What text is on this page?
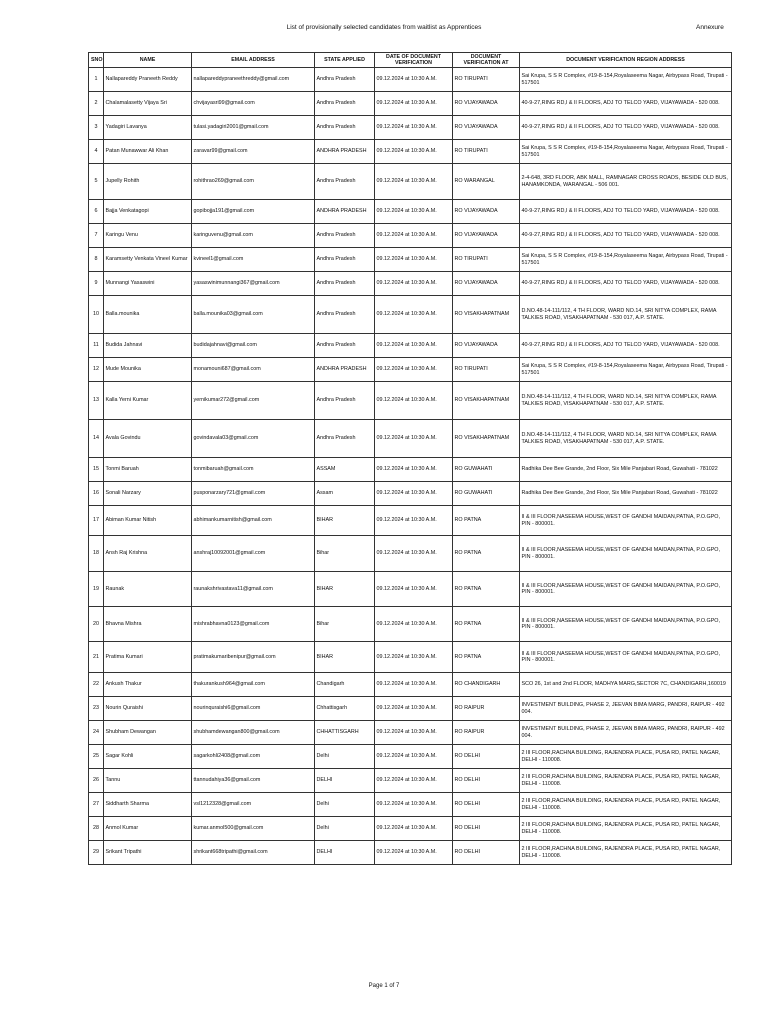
List of provisionally selected candidates from waitlist as Apprentices	Annexure
SNO	NAME	EMAIL ADDRESS	STATE APPLIED	DATE OF DOCUMENT VERIFICATION	DOCUMENT VERIFICATION AT	DOCUMENT VERIFICATION REGION ADDRESS
1	Nallapareddy Praneeth Reddy	nallapareddypraneethreddy@gmail.com	Andhra Pradesh	09.12.2024 at 10:30 A.M.	RO TIRUPATI	Sai Krupa, S S R Complex, #19-8-154,Royalaseema Nagar, Airbypass Road, Tirupati - 517501
2	Chalamalasetty Vijaya Sri	chvijayasri99@gmail.com	Andhra Pradesh	09.12.2024 at 10:30 A.M.	RO VIJAYAWADA	40-9-27,RING RD,I & II FLOORS, ADJ TO TELCO YARD, VIJAYAWADA - 520 008.
3	Yadagiri Lavanya	tulasi.yadagiri2001@gmail.com	Andhra Pradesh	09.12.2024 at 10:30 A.M.	RO VIJAYAWADA	40-9-27,RING RD,I & II FLOORS, ADJ TO TELCO YARD, VIJAYAWADA - 520 008.
4	Patan Munawwar Ali Khan	zaravar99@gmail.com	ANDHRA PRADESH	09.12.2024 at 10:30 A.M.	RO TIRUPATI	Sai Krupa, S S R Complex, #19-8-154,Royalaseema Nagar, Airbypass Road, Tirupati - 517501
5	Jupelly Rohith	rohithrao269@gmail.com	Andhra Pradesh	09.12.2024 at 10:30 A.M.	RO WARANGAL	2-4-648, 3RD FLOOR, ABK MALL, RAMNAGAR CROSS ROADS, BESIDE OLD BUS, HANAMKONDA, WARANGAL - 506 001.
6	Bajja Venkatagopi	gopibojja191@gmail.com	ANDHRA PRADESH	09.12.2024 at 10:30 A.M.	RO VIJAYAWADA	40-9-27,RING RD,I & II FLOORS, ADJ TO TELCO YARD, VIJAYAWADA - 520 008.
7	Karingu Venu	karinguvenu@gmail.com	Andhra Pradesh	09.12.2024 at 10:30 A.M.	RO VIJAYAWADA	40-9-27,RING RD,I & II FLOORS, ADJ TO TELCO YARD, VIJAYAWADA - 520 008.
8	Karamsetty Venkata Vineel Kumar	kvineel1@gmail.com	Andhra Pradesh	09.12.2024 at 10:30 A.M.	RO TIRUPATI	Sai Krupa, S S R Complex, #19-8-154,Royalaseema Nagar, Airbypass Road, Tirupati - 517501
9	Munnangi Yasaswini	yasaswinimunnangi367@gmail.com	Andhra Pradesh	09.12.2024 at 10:30 A.M.	RO VIJAYAWADA	40-9-27,RING RD,I & II FLOORS, ADJ TO TELCO YARD, VIJAYAWADA - 520 008.
10	Balla.mounika	balla.mounika03@gmail.com	Andhra Pradesh	09.12.2024 at 10:30 A.M.	RO VISAKHAPATNAM	D.NO.48-14-111/112, 4 TH FLOOR, WARD NO.14, SRI NITYA COMPLEX, RAMA TALKIES ROAD, VISAKHAPATNAM - 530 017, A.P. STATE.
11	Budida Jahnavi	budidajahnavi@gmail.com	Andhra Pradesh	09.12.2024 at 10:30 A.M.	RO VIJAYAWADA	40-9-27,RING RD,I & II FLOORS, ADJ TO TELCO YARD, VIJAYAWADA - 520 008.
12	Mude Mounika	monamouni687@gmail.com	ANDHRA PRADESH	09.12.2024 at 10:30 A.M.	RO TIRUPATI	Sai Krupa, S S R Complex, #19-8-154,Royalaseema Nagar, Airbypass Road, Tirupati - 517501
13	Kalla Yerni Kumar	yernikumar272@gmail.com	Andhra Pradesh	09.12.2024 at 10:30 A.M.	RO VISAKHAPATNAM	D.NO.48-14-111/112, 4 TH FLOOR, WARD NO.14, SRI NITYA COMPLEX, RAMA TALKIES ROAD, VISAKHAPATNAM - 530 017, A.P. STATE.
14	Avala Govindu	govindavala03@gmail.com	Andhra Pradesh	09.12.2024 at 10:30 A.M.	RO VISAKHAPATNAM	D.NO.48-14-111/112, 4 TH FLOOR, WARD NO.14, SRI NITYA COMPLEX, RAMA TALKIES ROAD, VISAKHAPATNAM - 530 017, A.P. STATE.
15	Tonmi Baruah	tonmibaruah@gmail.com	ASSAM	09.12.2024 at 10:30 A.M.	RO GUWAHATI	Radhika Dee Bee Grande, 2nd Floor, Six Mile Panjabari Road, Guwahati - 781022
16	Sonali Narzary	pusponarzary721@gmail.com	Assam	09.12.2024 at 10:30 A.M.	RO GUWAHATI	Radhika Dee Bee Grande, 2nd Floor, Six Mile Panjabari Road, Guwahati - 781022
17	Abiman Kumar Nitish	abhimankumarnitish@gmail.com	BIHAR	09.12.2024 at 10:30 A.M.	RO PATNA	II & III FLOOR,NASEEMA HOUSE,WEST OF GANDHI MAIDAN,PATNA, P.O.GPO, PIN - 800001.
18	Ansh Raj Krishna	anshraj10092001@gmail.com	Bihar	09.12.2024 at 10:30 A.M.	RO PATNA	II & III FLOOR,NASEEMA HOUSE,WEST OF GANDHI MAIDAN,PATNA, P.O.GPO, PIN - 800001.
19	Raunak	raunakshrivastava11@gmail.com	BIHAR	09.12.2024 at 10:30 A.M.	RO PATNA	II & III FLOOR,NASEEMA HOUSE,WEST OF GANDHI MAIDAN,PATNA, P.O.GPO, PIN - 800001.
20	Bhavna Mishra	mishrabhavna0123@gmail.com	Bihar	09.12.2024 at 10:30 A.M.	RO PATNA	II & III FLOOR,NASEEMA HOUSE,WEST OF GANDHI MAIDAN,PATNA, P.O.GPO, PIN - 800001.
21	Pratima Kumari	pratimakumaribenipur@gmail.com	BIHAR	09.12.2024 at 10:30 A.M.	RO PATNA	II & III FLOOR,NASEEMA HOUSE,WEST OF GANDHI MAIDAN,PATNA, P.O.GPO, PIN - 800001.
22	Ankush Thakur	thakurankush964@gmail.com	Chandigarh	09.12.2024 at 10:30 A.M.	RO CHANDIGARH	SCO 26, 1st and 2nd FLOOR, MADHYA MARG,SECTOR 7C, CHANDIGARH,160019
23	Nourin Quraishi	nourinquraishi6@gmail.com	Chhattisgarh	09.12.2024 at 10:30 A.M.	RO RAIPUR	INVESTMENT BUILDING, PHASE 2, JEEVAN BIMA MARG, PANDRI, RAIPUR - 492 004.
24	Shubham Dewangan	shubhamdewangan800@gmail.com	CHHATTISGARH	09.12.2024 at 10:30 A.M.	RO RAIPUR	INVESTMENT BUILDING, PHASE 2, JEEVAN BIMA MARG, PANDRI, RAIPUR - 492 004.
25	Sagar Kohli	sagarkohli2408@gmail.com	Delhi	09.12.2024 at 10:30 A.M.	RO DELHI	2 III FLOOR,RACHNA BUILDING, RAJENDRA PLACE, PUSA RD, PATEL NAGAR, DELHI - 110008.
26	Tannu	ttannudahiya36@gmail.com	DELHI	09.12.2024 at 10:30 A.M.	RO DELHI	2 III FLOOR,RACHNA BUILDING, RAJENDRA PLACE, PUSA RD, PATEL NAGAR, DELHI - 110008.
27	Siddharth Sharma	vsl1212328@gmail.com	Delhi	09.12.2024 at 10:30 A.M.	RO DELHI	2 III FLOOR,RACHNA BUILDING, RAJENDRA PLACE, PUSA RD, PATEL NAGAR, DELHI - 110008.
28	Anmol Kumar	kumar.anmol500@gmail.com	Delhi	09.12.2024 at 10:30 A.M.	RO DELHI	2 III FLOOR,RACHNA BUILDING, RAJENDRA PLACE, PUSA RD, PATEL NAGAR, DELHI - 110008.
29	Srikant Tripathi	shrikant668tripathi@gmail.com	DELHI	09.12.2024 at 10:30 A.M.	RO DELHI	2 III FLOOR,RACHNA BUILDING, RAJENDRA PLACE, PUSA RD, PATEL NAGAR, DELHI - 110008.
Page 1 of 7
